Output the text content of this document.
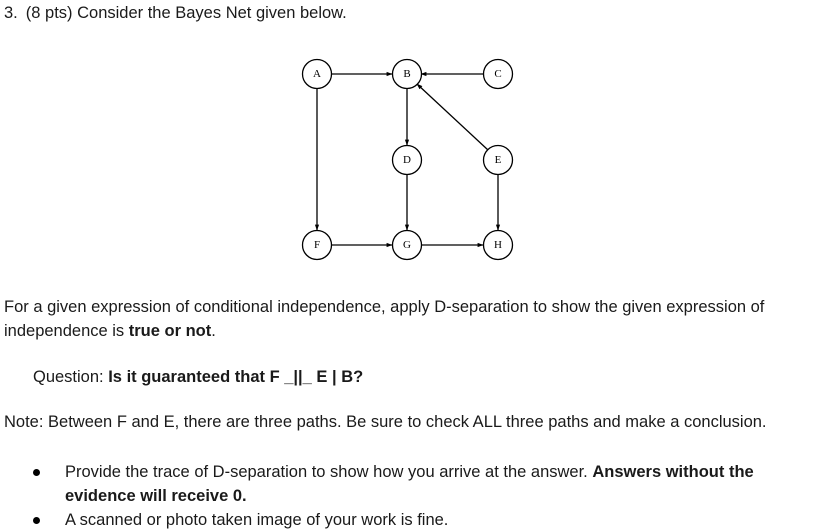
3. (8 pts) Consider the Bayes Net given below.
A	B	C
D	E
F	G	H
For a given expression of conditional independence, apply D-separation to show the given expression of independence is true or not.
Question: Is it guaranteed that F _||_ E | B?
Note: Between F and E, there are three paths. Be sure to check ALL three paths and make a conclusion.
Provide the trace of D-separation to show how you arrive at the answer. Answers without the evidence will receive 0.
A scanned or photo taken image of your work is fine.
